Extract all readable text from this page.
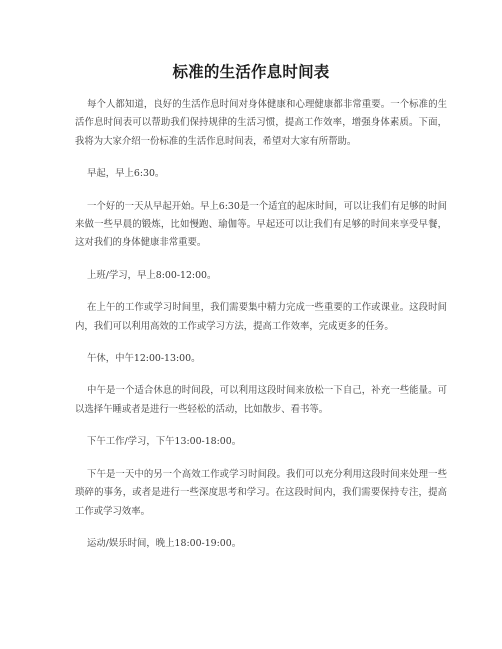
标准的生活作息时间表

每个人都知道，良好的生活作息时间对身体健康和心理健康都非常重要。一个标准的生活作息时间表可以帮助我们保持规律的生活习惯，提高工作效率，增强身体素质。下面，我将为大家介绍一份标准的生活作息时间表，希望对大家有所帮助。

早起，早上6:30。

一个好的一天从早起开始。早上6:30是一个适宜的起床时间，可以让我们有足够的时间来做一些早晨的锻炼，比如慢跑、瑜伽等。早起还可以让我们有足够的时间来享受早餐，这对我们的身体健康非常重要。

上班/学习，早上8:00-12:00。

在上午的工作或学习时间里，我们需要集中精力完成一些重要的工作或课业。这段时间内，我们可以利用高效的工作或学习方法，提高工作效率，完成更多的任务。

午休，中午12:00-13:00。

中午是一个适合休息的时间段，可以利用这段时间来放松一下自己，补充一些能量。可以选择午睡或者是进行一些轻松的活动，比如散步、看书等。

下午工作/学习，下午13:00-18:00。

下午是一天中的另一个高效工作或学习时间段。我们可以充分利用这段时间来处理一些琐碎的事务，或者是进行一些深度思考和学习。在这段时间内，我们需要保持专注，提高工作或学习效率。

运动/娱乐时间，晚上18:00-19:00。
